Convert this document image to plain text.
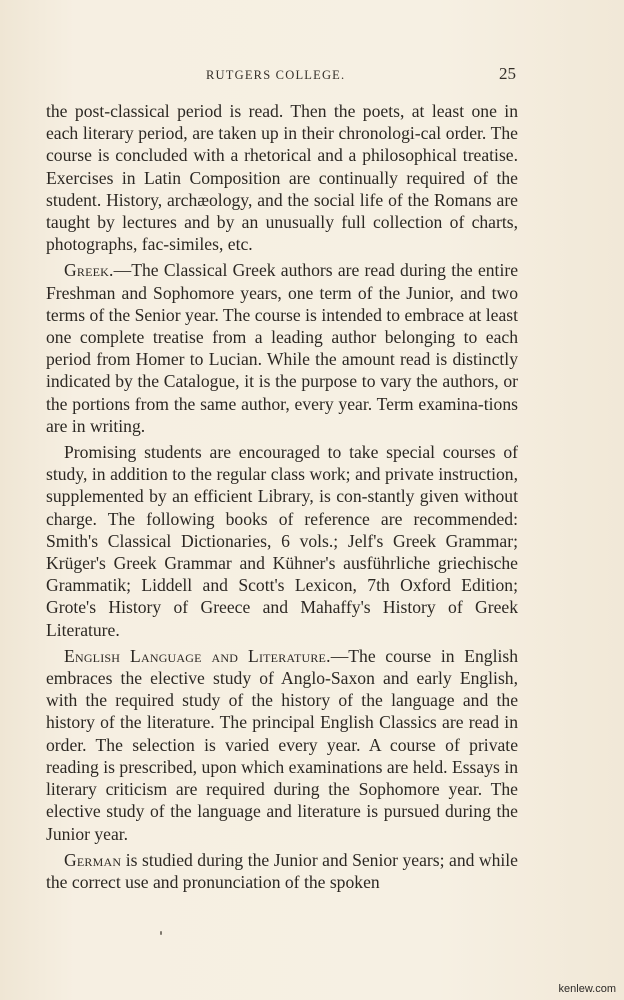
RUTGERS COLLEGE.	25

the post-classical period is read. Then the poets, at least one in each literary period, are taken up in their chronologi-cal order. The course is concluded with a rhetorical and a philosophical treatise. Exercises in Latin Composition are continually required of the student. History, archæology, and the social life of the Romans are taught by lectures and by an unusually full collection of charts, photographs, fac-similes, etc.

Greek.—The Classical Greek authors are read during the entire Freshman and Sophomore years, one term of the Junior, and two terms of the Senior year. The course is intended to embrace at least one complete treatise from a leading author belonging to each period from Homer to Lucian. While the amount read is distinctly indicated by the Catalogue, it is the purpose to vary the authors, or the portions from the same author, every year. Term examina-tions are in writing.

Promising students are encouraged to take special courses of study, in addition to the regular class work; and private instruction, supplemented by an efficient Library, is con-stantly given without charge. The following books of reference are recommended: Smith's Classical Dictionaries, 6 vols.; Jelf's Greek Grammar; Krüger's Greek Grammar and Kühner's ausführliche griechische Grammatik; Liddell and Scott's Lexicon, 7th Oxford Edition; Grote's History of Greece and Mahaffy's History of Greek Literature.

English Language and Literature.—The course in English embraces the elective study of Anglo-Saxon and early English, with the required study of the history of the language and the history of the literature. The principal English Classics are read in order. The selection is varied every year. A course of private reading is prescribed, upon which examinations are held. Essays in literary criticism are required during the Sophomore year. The elective study of the language and literature is pursued during the Junior year.

German is studied during the Junior and Senior years; and while the correct use and pronunciation of the spoken

kenlew.com
